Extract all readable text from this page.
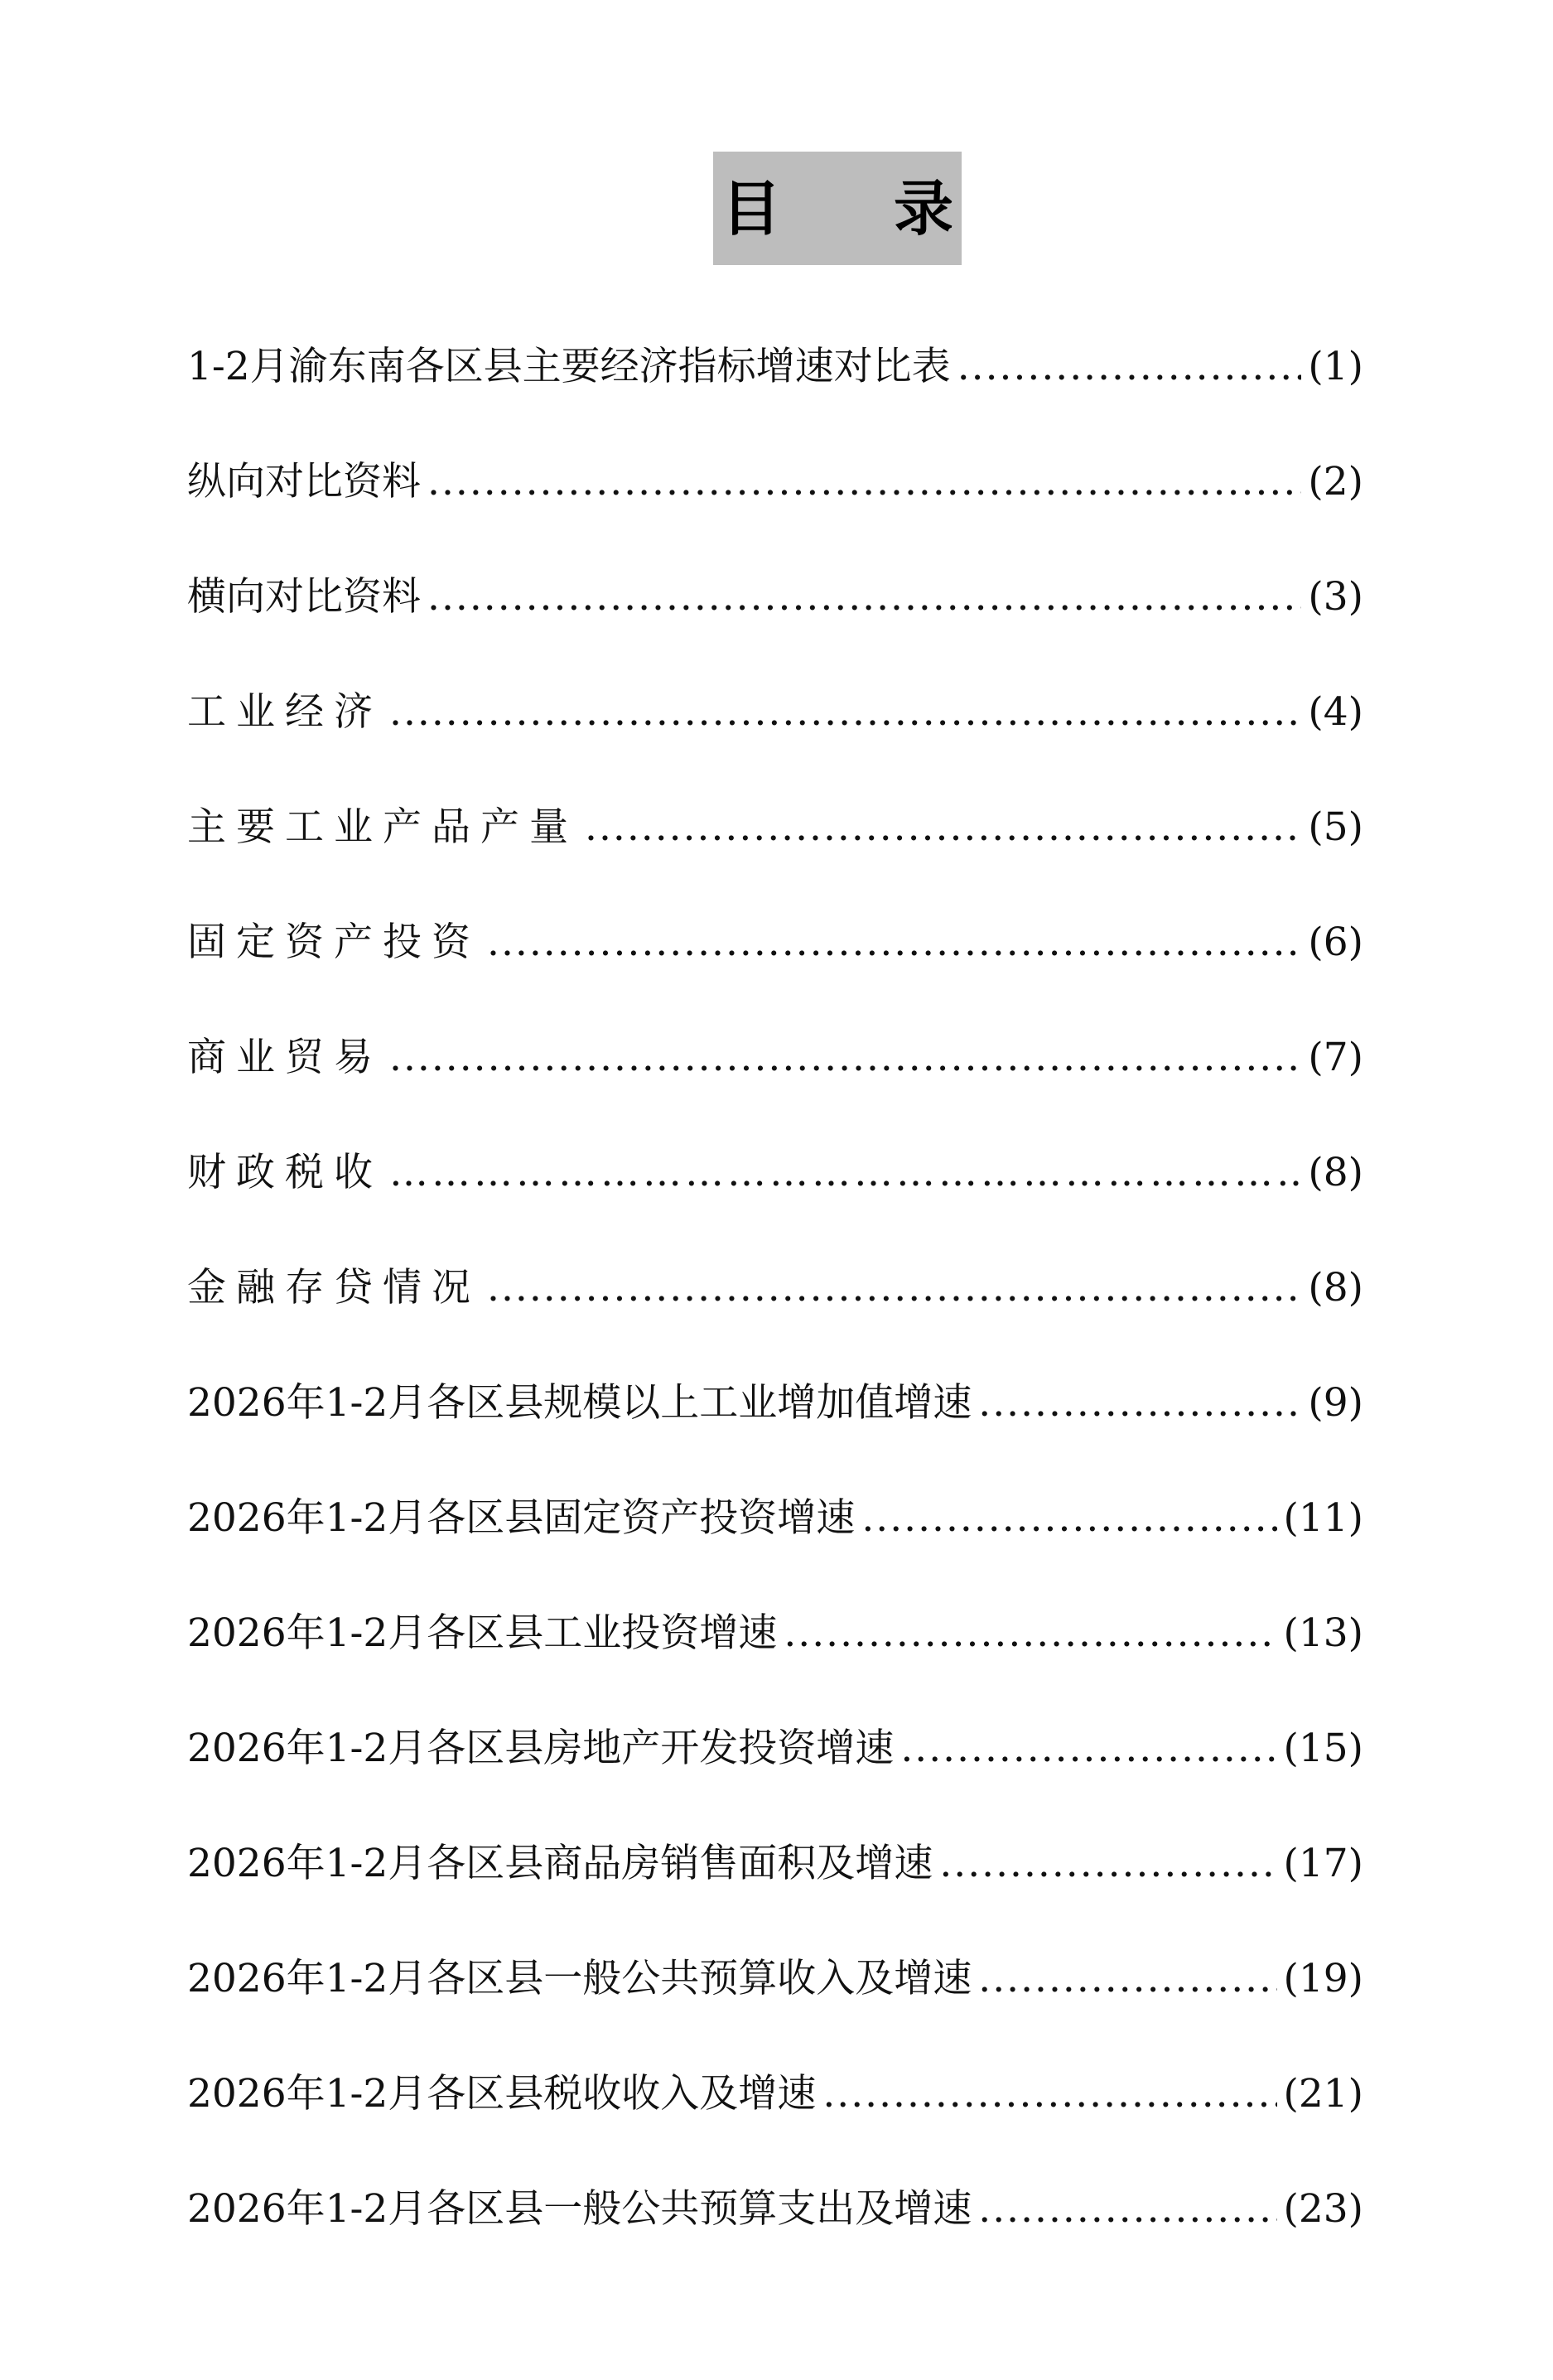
目 录
1-2月渝东南各区县主要经济指标增速对比表 .....	(1)
纵向对比资料 .....	(2)
横向对比资料 .....	(3)
工业经济 .....	(4)
主要工业产品产量 .....	(5)
固定资产投资 .....	(6)
商业贸易 .....	(7)
财政税收 ……………………………………………………………………………………………………………………………………………………	(8)
金融存贷情况 .....	(8)
2026年1-2月各区县规模以上工业增加值增速 .....	(9)
2026年1-2月各区县固定资产投资增速 .....	(11)
2026年1-2月各区县工业投资增速 .....	(13)
2026年1-2月各区县房地产开发投资增速 .....	(15)
2026年1-2月各区县商品房销售面积及增速 .....	(17)
2026年1-2月各区县一般公共预算收入及增速 .....	(19)
2026年1-2月各区县税收收入及增速 .....	(21)
2026年1-2月各区县一般公共预算支出及增速 .....	(23)
